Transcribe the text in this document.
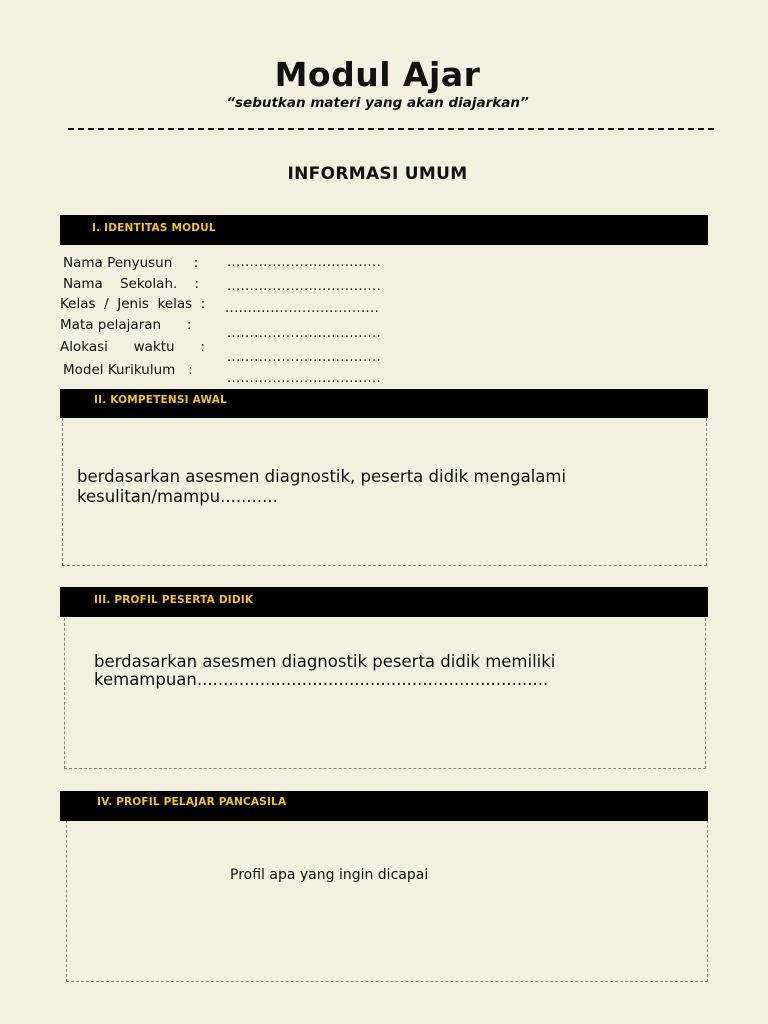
Modul Ajar
“sebutkan materi yang akan diajarkan”
INFORMASI UMUM
I. IDENTITAS MODUL
Nama Penyusun     :
Nama    Sekolah.    :
Kelas  /  Jenis  kelas  :
Mata pelajaran      :
Alokasi      waktu      :
Model Kurikulum   :
..................................
..................................
..................................
..................................
..................................
..................................
II. KOMPETENSI AWAL
berdasarkan asesmen diagnostik, peserta didik mengalami kesulitan/mampu...........
III. PROFIL PESERTA DIDIK
berdasarkan asesmen diagnostik peserta didik memiliki kemampuan...................................................................
IV. PROFIL PELAJAR PANCASILA
Profil apa yang ingin dicapai
